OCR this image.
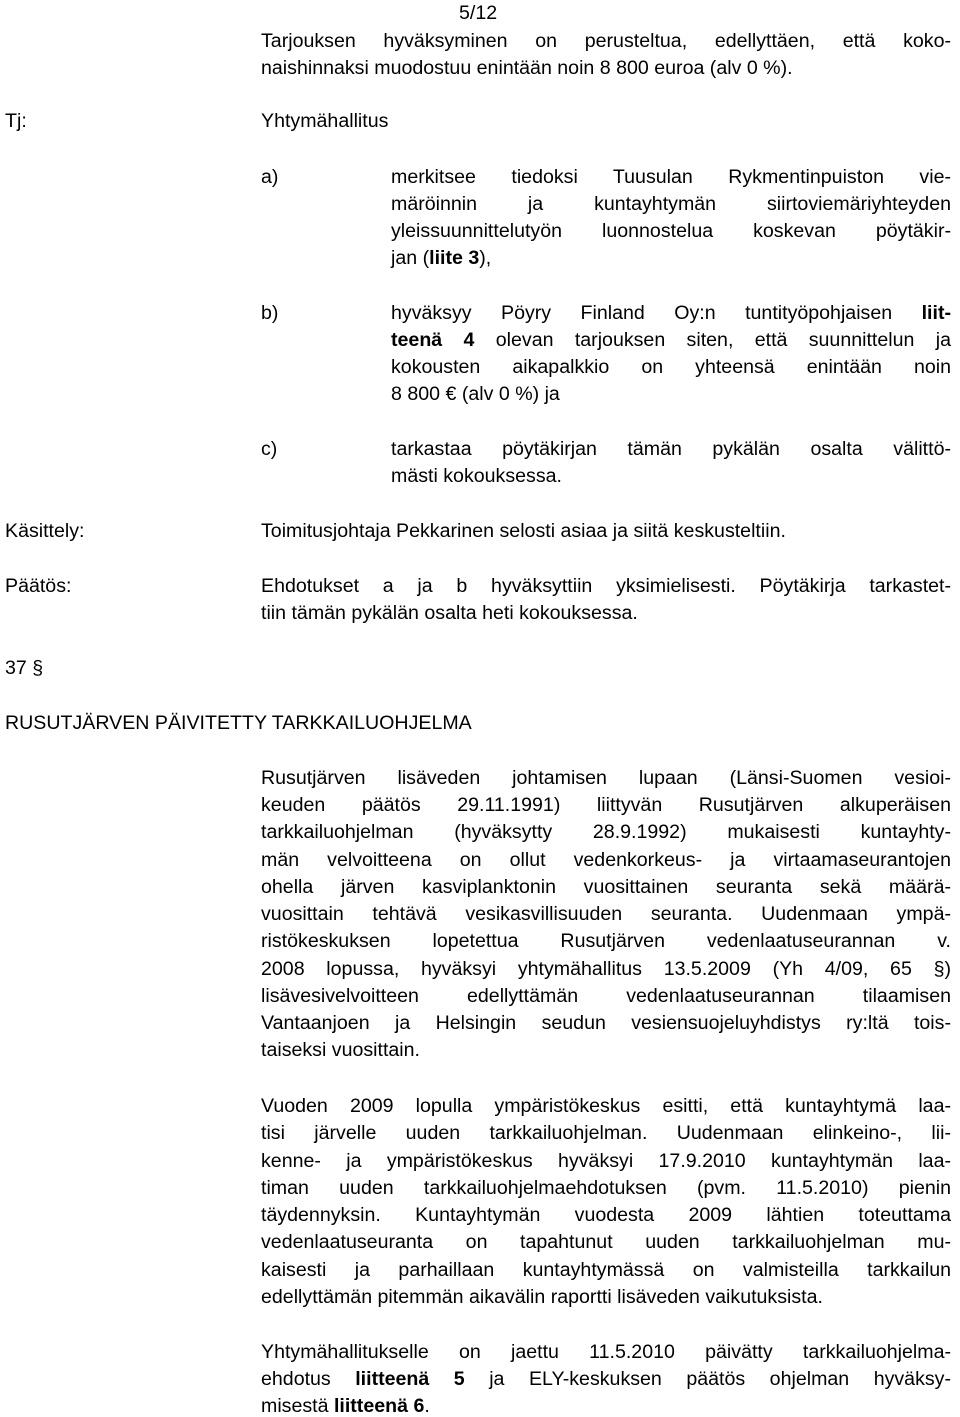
5/12
Tarjouksen hyväksyminen on perusteltua, edellyttäen, että koko-
naishinnaksi muodostuu enintään noin 8 800 euroa (alv 0 %).
Tj:	Yhtymähallitus
a)	merkitsee tiedoksi Tuusulan Rykmentinpuiston vie-
märöinnin ja kuntayhtymän siirtoviemäriyhteyden
yleissuunnittelutyön luonnostelua koskevan pöytäkir-
jan (liite 3),
b)	hyväksyy Pöyry Finland Oy:n tuntityöpohjaisen liit-
teenä 4 olevan tarjouksen siten, että suunnittelun ja
kokousten aikapalkkio on yhteensä enintään noin
8 800 € (alv 0 %) ja
c)	tarkastaa pöytäkirjan tämän pykälän osalta välittö-
mästi kokouksessa.
Käsittely:	Toimitusjohtaja Pekkarinen selosti asiaa ja siitä keskusteltiin.
Päätös:	Ehdotukset a ja b hyväksyttiin yksimielisesti. Pöytäkirja tarkastet-
tiin tämän pykälän osalta heti kokouksessa.
37 §
RUSUTJÄRVEN PÄIVITETTY TARKKAILUOHJELMA
Rusutjärven lisäveden johtamisen lupaan (Länsi-Suomen vesioi-
keuden päätös 29.11.1991) liittyvän Rusutjärven alkuperäisen
tarkkailuohjelman (hyväksytty 28.9.1992) mukaisesti kuntayhty-
män velvoitteena on ollut vedenkorkeus- ja virtaamaseurantojen
ohella järven kasviplanktonin vuosittainen seuranta sekä määrä-
vuosittain tehtävä vesikasvillisuuden seuranta. Uudenmaan ympä-
ristökeskuksen lopetettua Rusutjärven vedenlaatuseurannan v.
2008 lopussa, hyväksyi yhtymähallitus 13.5.2009 (Yh 4/09, 65 §)
lisävesivelvoitteen edellyttämän vedenlaatuseurannan tilaamisen
Vantaanjoen ja Helsingin seudun vesiensuojeluyhdistys ry:ltä tois-
taiseksi vuosittain.
Vuoden 2009 lopulla ympäristökeskus esitti, että kuntayhtymä laa-
tisi järvelle uuden tarkkailuohjelman. Uudenmaan elinkeino-, lii-
kenne- ja ympäristökeskus hyväksyi 17.9.2010 kuntayhtymän laa-
timan uuden tarkkailuohjelmaehdotuksen (pvm. 11.5.2010) pienin
täydennyksin. Kuntayhtymän vuodesta 2009 lähtien toteuttama
vedenlaatuseuranta on tapahtunut uuden tarkkailuohjelman mu-
kaisesti ja parhaillaan kuntayhtymässä on valmisteilla tarkkailun
edellyttämän pitemmän aikavälin raportti lisäveden vaikutuksista.
Yhtymähallitukselle on jaettu 11.5.2010 päivätty tarkkailuohjelma-
ehdotus liitteenä 5 ja ELY-keskuksen päätös ohjelman hyväksy-
misestä liitteenä 6.
